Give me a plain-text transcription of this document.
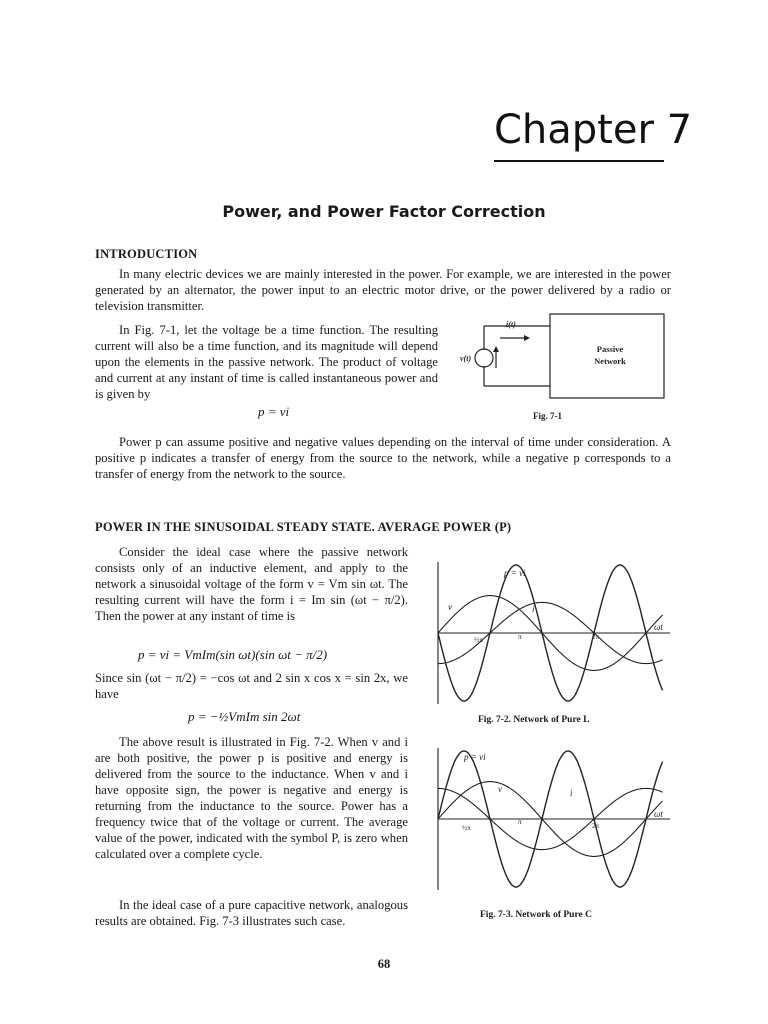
Chapter 7
Power, and Power Factor Correction
INTRODUCTION

In many electric devices we are mainly interested in the power. For example, we are interested in the power generated by an alternator, the power input to an electric motor drive, or the power delivered by a radio or television transmitter.

In Fig. 7-1, let the voltage be a time function. The resulting current will also be a time function, and its magnitude will depend upon the elements in the passive network. The product of voltage and current at any instant of time is called instantaneous power and is given by

p = vi

Power p can assume positive and negative values depending on the interval of time under consideration. A positive p indicates a transfer of energy from the source to the network, while a negative p corresponds to a transfer of energy from the network to the source.

i(t)
v(t)
Passive
Network
Fig. 7-1
POWER IN THE SINUSOIDAL STEADY STATE. AVERAGE POWER (P)

Consider the ideal case where the passive network consists only of an inductive element, and apply to the network a sinusoidal voltage of the form v = Vm sin ωt. The resulting current will have the form i = Im sin (ωt − π/2). Then the power at any instant of time is

p = vi = VmIm(sin ωt)(sin ωt − π/2)

Since sin (ωt − π/2) = −cos ωt and 2 sin x cos x = sin 2x, we have

p = −½VmIm sin 2ωt

The above result is illustrated in Fig. 7-2. When v and i are both positive, the power p is positive and energy is delivered from the source to the inductance. When v and i have opposite sign, the power is negative and energy is returning from the inductance to the source. Power has a frequency twice that of the voltage or current. The average value of the power, indicated with the symbol P, is zero when calculated over a complete cycle.

In the ideal case of a pure capacitive network, analogous results are obtained. Fig. 7-3 illustrates such case.

p = vi
v	i
ωt
½π	π	2π
Fig. 7-2. Network of Pure L
p = vi
v	i
ωt
½π
π	2π
Fig. 7-3. Network of Pure C
68
